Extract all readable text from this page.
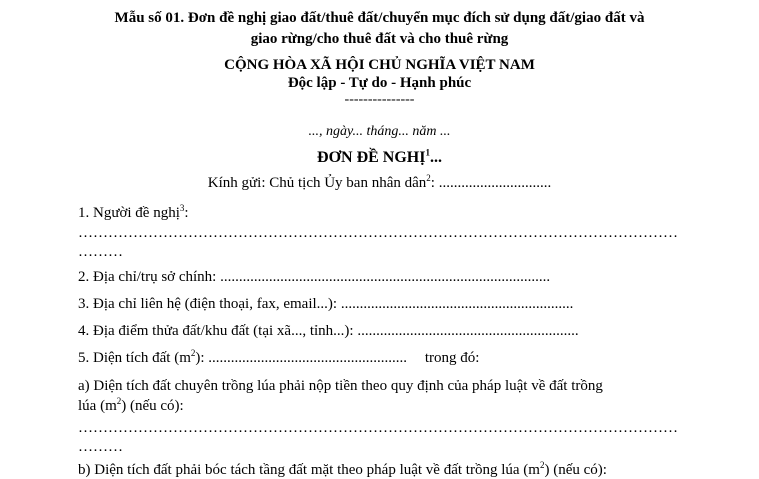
Mẫu số 01. Đơn đề nghị giao đất/thuê đất/chuyển mục đích sử dụng đất/giao đất và
giao rừng/cho thuê đất và cho thuê rừng
CỘNG HÒA XÃ HỘI CHỦ NGHĨA VIỆT NAM
Độc lập - Tự do - Hạnh phúc
---------------
..., ngày... tháng... năm ...
ĐƠN ĐỀ NGHỊ$^1$...
Kính gửi: Chủ tịch Ủy ban nhân dân$^2$: ..............................
1. Người đề nghị$^3$:
…………………………………………………………………………………………………………
………
2. Địa chỉ/trụ sở chính: ........................................................................................
3. Địa chỉ liên hệ (điện thoại, fax, email...): ..............................................................
4. Địa điểm thửa đất/khu đất (tại xã..., tỉnh...): ...........................................................
5. Diện tích đất $(m^2)$: ..................................................... trong đó:
a) Diện tích đất chuyên trồng lúa phải nộp tiền theo quy định của pháp luật về đất trồng
lúa $(m^2)$ (nếu có):
…………………………………………………………………………………………………………
………
b) Diện tích đất phải bóc tách tầng đất mặt theo pháp luật về đất trồng lúa $(m^2)$ (nếu có):
